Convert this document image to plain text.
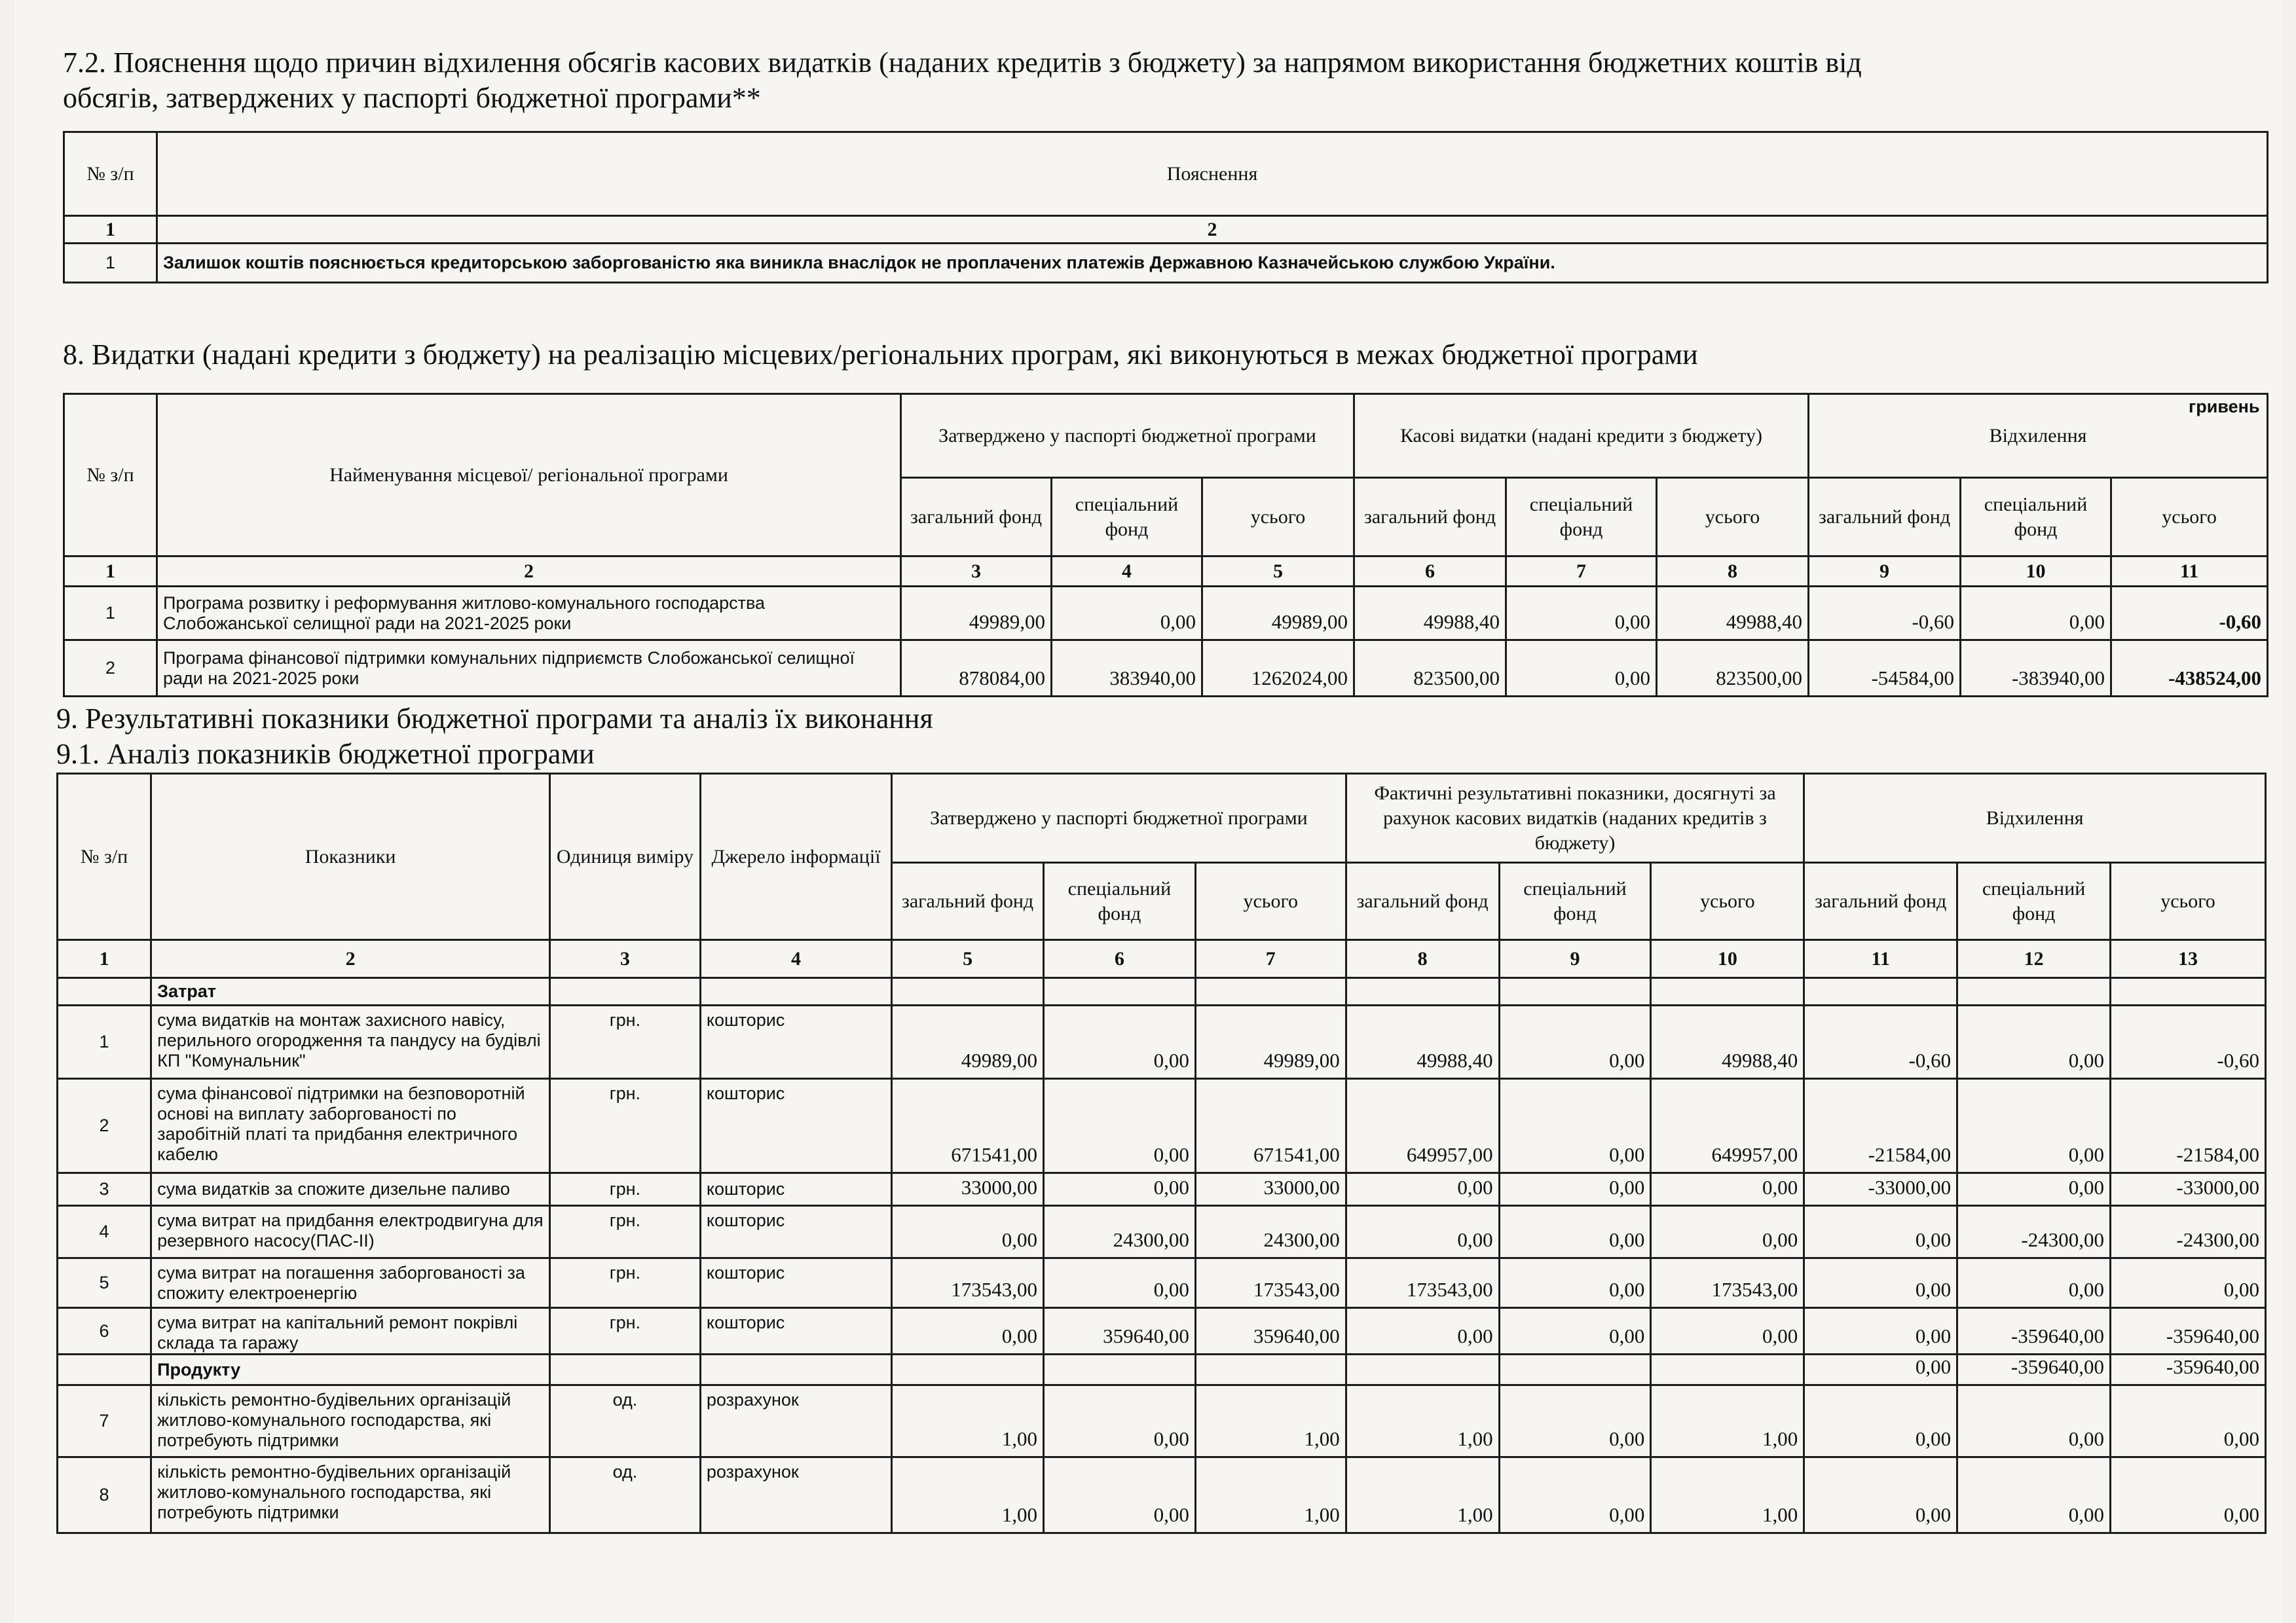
7.2. Пояснення щодо причин відхилення обсягів касових видатків (наданих кредитів з бюджету) за напрямом використання бюджетних коштів від
обсягів, затверджених у паспорті бюджетної програми**
№ з/п	Пояснення
1	2
1	Залишок коштів пояснюється кредиторською заборгованістю яка виникла внаслідок не проплачених платежів Державною Казначейською службою України.
8. Видатки (надані кредити з бюджету) на реалізацію місцевих/регіональних програм, які виконуються в межах бюджетної програми
гривень
№ з/п	Найменування місцевої/ регіональної програми	Затверджено у паспорті бюджетної програми			Касові видатки (надані кредити з бюджету)			Відхилення		
		загальний фонд	спеціальний фонд	усього	загальний фонд	спеціальний фонд	усього	загальний фонд	спеціальний фонд	усього
1	2	3	4	5	6	7	8	9	10	11
1	Програма розвитку і реформування житлово-комунального господарства Слобожанської селищної ради на 2021-2025 роки	49989,00	0,00	49989,00	49988,40	0,00	49988,40	-0,60	0,00	-0,60
2	Програма фінансової підтримки комунальних підприємств Слобожанської селищної ради на 2021-2025 роки	878084,00	383940,00	1262024,00	823500,00	0,00	823500,00	-54584,00	-383940,00	-438524,00
9. Результативні показники бюджетної програми та аналіз їх виконання
9.1. Аналіз показників бюджетної програми
№ з/п	Показники	Одиниця виміру	Джерело інформації	Затверджено у паспорті бюджетної програми			Фактичні результативні показники, досягнуті за рахунок касових видатків (наданих кредитів з бюджету)			Відхилення		
				загальний фонд	спеціальний фонд	усього	загальний фонд	спеціальний фонд	усього	загальний фонд	спеціальний фонд	усього
1	2	3	4	5	6	7	8	9	10	11	12	13
	Затрат											
1	сума видатків на монтаж захисного навісу, перильного огородження та пандусу на будівлі КП "Комунальник"	грн.	кошторис	49989,00	0,00	49989,00	49988,40	0,00	49988,40	-0,60	0,00	-0,60
2	сума фінансової підтримки на безповоротній основі на виплату заборгованості по заробітній платі та придбання електричного кабелю	грн.	кошторис	671541,00	0,00	671541,00	649957,00	0,00	649957,00	-21584,00	0,00	-21584,00
3	сума видатків за спожите дизельне паливо	грн.	кошторис	33000,00	0,00	33000,00	0,00	0,00	0,00	-33000,00	0,00	-33000,00
4	сума витрат на придбання електродвигуна для резервного насосу(ПАС-II)	грн.	кошторис	0,00	24300,00	24300,00	0,00	0,00	0,00	0,00	-24300,00	-24300,00
5	сума витрат на погашення заборгованості за спожиту електроенергію	грн.	кошторис	173543,00	0,00	173543,00	173543,00	0,00	173543,00	0,00	0,00	0,00
6	сума витрат на капітальний ремонт покрівлі склада та гаражу	грн.	кошторис	0,00	359640,00	359640,00	0,00	0,00	0,00	0,00	-359640,00	-359640,00
	Продукту									0,00	-359640,00	-359640,00
7	кількість ремонтно-будівельних організацій житлово-комунального господарства, які потребують підтримки	од.	розрахунок	1,00	0,00	1,00	1,00	0,00	1,00	0,00	0,00	0,00
8	кількість ремонтно-будівельних організацій житлово-комунального господарства, які потребують підтримки	од.	розрахунок	1,00	0,00	1,00	1,00	0,00	1,00	0,00	0,00	0,00
